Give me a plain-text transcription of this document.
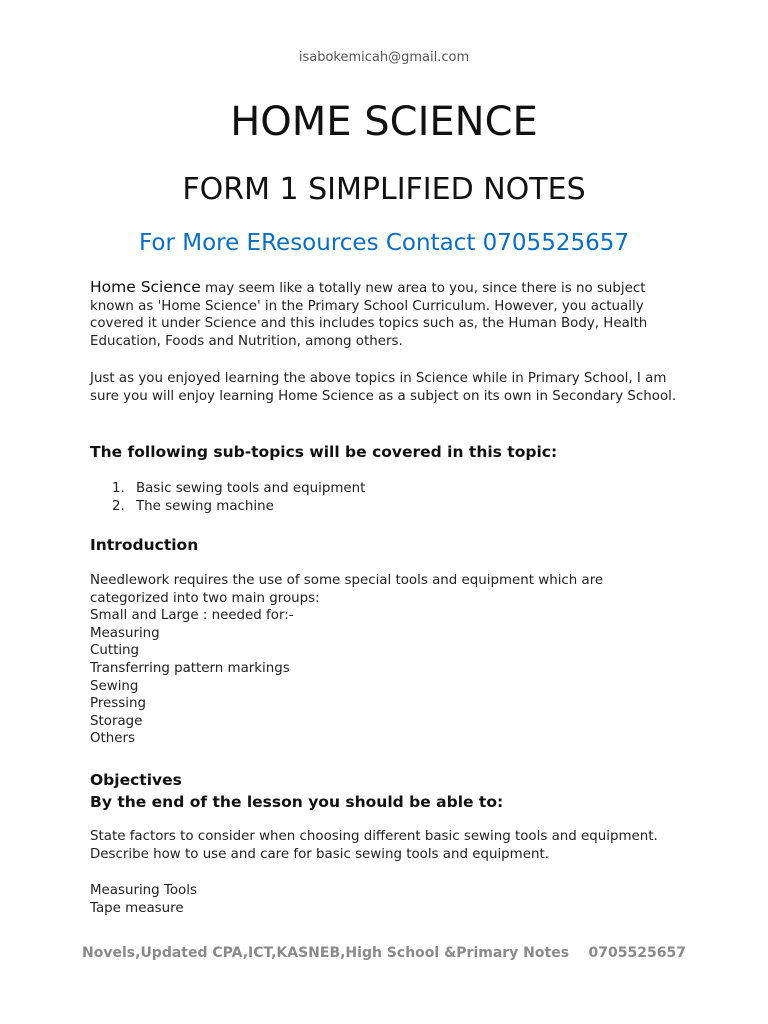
isabokemicah@gmail.com
HOME SCIENCE
FORM 1 SIMPLIFIED NOTES
For More EResources Contact 0705525657
Home Science may seem like a totally new area to you, since there is no subject known as 'Home Science' in the Primary School Curriculum. However, you actually covered it under Science and this includes topics such as, the Human Body, Health Education, Foods and Nutrition, among others.
Just as you enjoyed learning the above topics in Science while in Primary School, I am sure you will enjoy learning Home Science as a subject on its own in Secondary School.
The following sub-topics will be covered in this topic:
1. Basic sewing tools and equipment
2. The sewing machine
Introduction
Needlework requires the use of some special tools and equipment which are categorized into two main groups:
Small and Large : needed for:-
Measuring
Cutting
Transferring pattern markings
Sewing
Pressing
Storage
Others
Objectives
By the end of the lesson you should be able to:
State factors to consider when choosing different basic sewing tools and equipment.
Describe how to use and care for basic sewing tools and equipment.
Measuring Tools
Tape measure
Novels,Updated CPA,ICT,KASNEB,High School &Primary Notes    0705525657
